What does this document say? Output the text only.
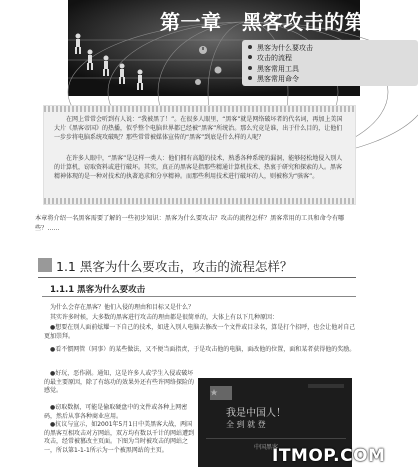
第一章　黑客攻击的第一步
黑客为什么要攻击
攻击的流程
黑客常用工具
黑客常用命令

在网上常常会听到有人说：“我被黑了！”。在很多人眼里，“黑客”就是网络破坏者的代名词，再加上美国大片《黑客帝国》的热播，似乎整个电脑世界都已经被“黑客”所统治。那么究竟是谁，出于什么目的，让他们一步步将电脑系统攻破呢？那些常常被媒体宣传的“黑客”到底是什么样的人呢？

在许多人眼中，“黑客”是这样一类人：他们拥有高超的技术，熟悉各种系统的漏洞，能够轻松地侵入别人的计算机，窃取资料或进行破坏。其实，真正的黑客是指那些精通计算机技术、热衷于研究和探索的人。黑客精神体现的是一种对技术的执著追求和分享精神。而那些利用技术进行破坏的人，则被称为“骇客”。

本章将介绍一名黑客需要了解的一些初步知识：黑客为什么要攻击？攻击的流程怎样？黑客常用的工具和命令有哪些？……
1.1 黑客为什么要攻击，攻击的流程怎样？
1.1.1 黑客为什么要攻击

为什么会存在黑客？他们入侵的理由和目标又是什么？

其实许多时候，大多数的黑客进行攻击的理由都是很简单的，大体上有以下几种原因：

●想要在别人面前炫耀一下自己的技术，如进入别人电脑去修改一个文件或目录名，算是打个招呼，也会让他对自己更加崇拜。

●看不惯网管（同事）的某些做法，又不便当面指责，于是攻击他的电脑，面改他的位置，面和某者获得他的奖励。

●好玩，恶作剧。通知，这是许多人或学生入侵或破坏的最主要原因，除了有练功的效果外还有些许网络探险的感觉。

●窃取数据，可能是偷取硬盘中的文件或各种上网密码，然后从事各种商业应用。

●抗议与宣示，如2001年5月1日中美黑客大战，两国的黑客互相攻击对方网站，双方均有数以千计的网站遭到攻击，经常被篡改主页面。下图为当时被攻击的网站之一，所以第1-1-1所示为一个被黑网站的主页。

我是中国人！
全 到 就 登
中国黑客
ITMOP.COM
